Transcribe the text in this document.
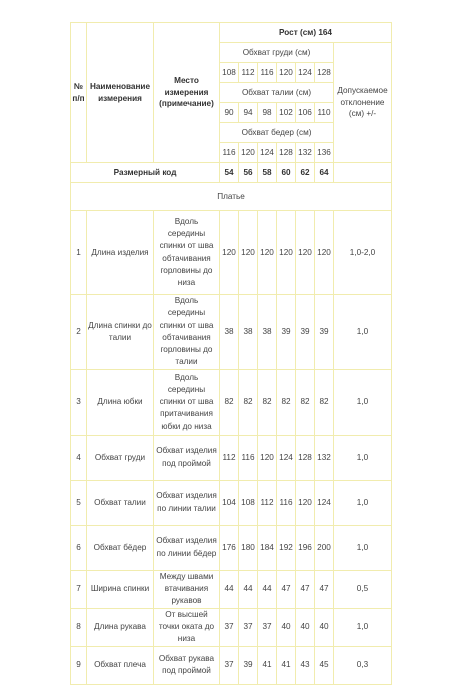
№ п/п	Наименование измерения	Место измерения (примечание)	Рост (см) 164						
			Обхват груди (см)						Допускаемое отклонение (см) +/-
			108	112	116	120	124	128	
			Обхват талии (см)						
			90	94	98	102	106	110	
			Обхват бедер (см)						
			116	120	124	128	132	136	
Размерный код			54	56	58	60	62	64	
Платье									
1	Длина изделия	Вдоль середины спинки от шва обтачивания горловины до низа	120	120	120	120	120	120	1,0-2,0
2	Длина спинки до талии	Вдоль середины спинки от шва обтачивания горловины до талии	38	38	38	39	39	39	1,0
3	Длина юбки	Вдоль середины спинки от шва притачивания юбки до низа	82	82	82	82	82	82	1,0
4	Обхват груди	Обхват изделия под проймой	112	116	120	124	128	132	1,0
5	Обхват талии	Обхват изделия по линии талии	104	108	112	116	120	124	1,0
6	Обхват бёдер	Обхват изделия по линии бёдер	176	180	184	192	196	200	1,0
7	Ширина спинки	Между швами втачивания рукавов	44	44	44	47	47	47	0,5
8	Длина рукава	От высшей точки оката до низа	37	37	37	40	40	40	1,0
9	Обхват плеча	Обхват рукава под проймой	37	39	41	41	43	45	0,3
